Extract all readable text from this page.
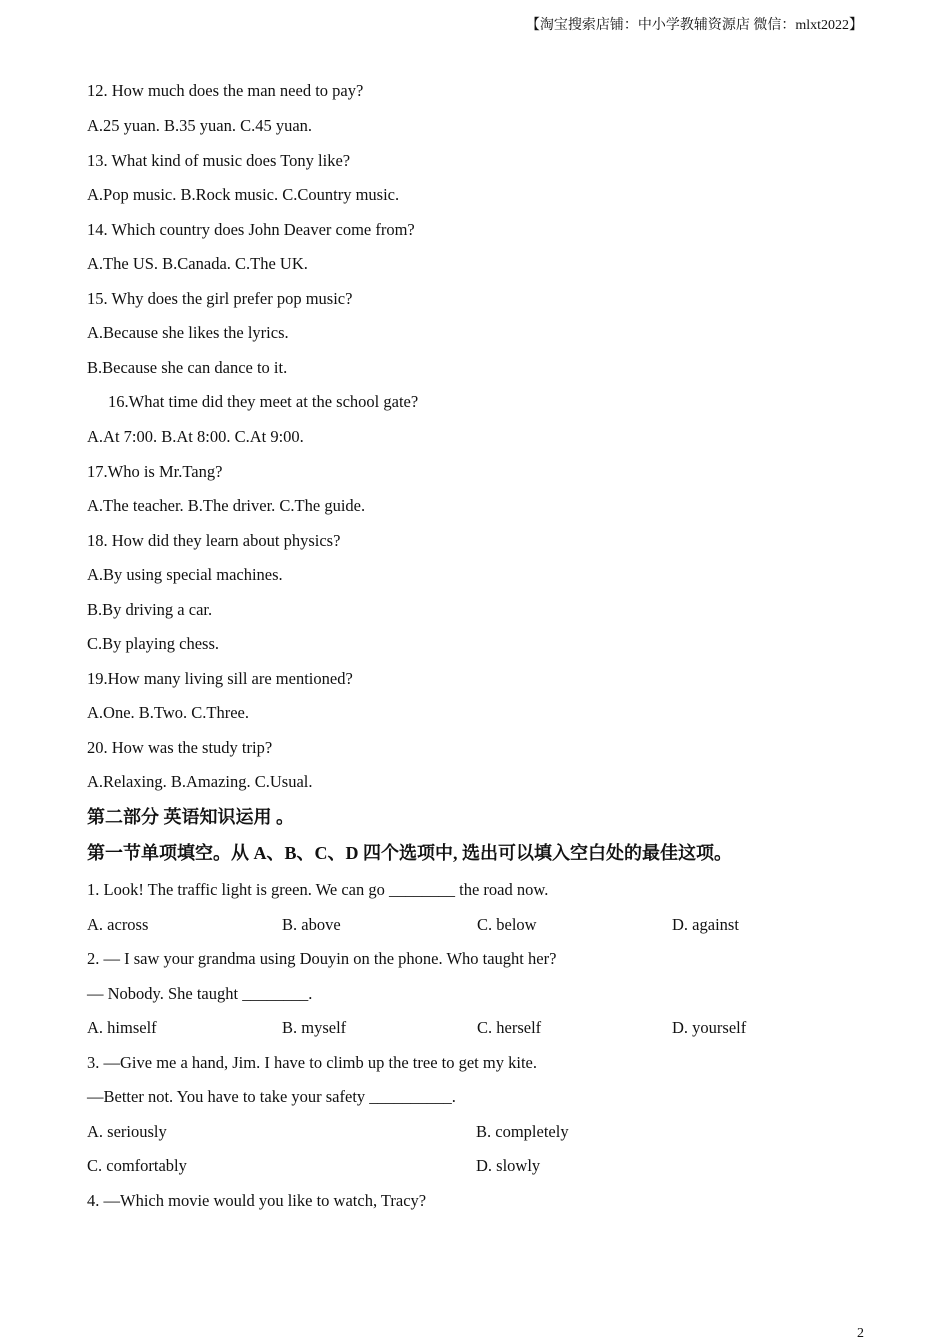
【淘宝搜索店铺：中小学教辅资源店 微信：mlxt2022】
12. How much does the man need to pay?
A.25 yuan. B.35 yuan. C.45 yuan.
13. What kind of music does Tony like?
A.Pop music. B.Rock music. C.Country music.
14. Which country does John Deaver come from?
A.The US. B.Canada. C.The UK.
15. Why does the girl prefer pop music?
A.Because she likes the lyrics.
B.Because she can dance to it.
16.What time did they meet at the school gate?
A.At 7:00. B.At 8:00. C.At 9:00.
17.Who is Mr.Tang?
A.The teacher. B.The driver. C.The guide.
18. How did they learn about physics?
A.By using special machines.
B.By driving a car.
C.By playing chess.
19.How many living sill are mentioned?
A.One. B.Two. C.Three.
20. How was the study trip?
A.Relaxing. B.Amazing. C.Usual.
第二部分 英语知识运用 。
第一节单项填空。从 A、B、C、D 四个选项中, 选出可以填入空白处的最佳这项。
1. Look! The traffic light is green. We can go ________ the road now.
A. across	B. above	C. below	D. against
2. — I saw your grandma using Douyin on the phone. Who taught her?
— Nobody. She taught ________.
A. himself	B. myself	C. herself	D. yourself
3. —Give me a hand, Jim. I have to climb up the tree to get my kite.
—Better not. You have to take your safety __________.
A. seriously	B. completely
C. comfortably	D. slowly
4. —Which movie would you like to watch, Tracy?
2
